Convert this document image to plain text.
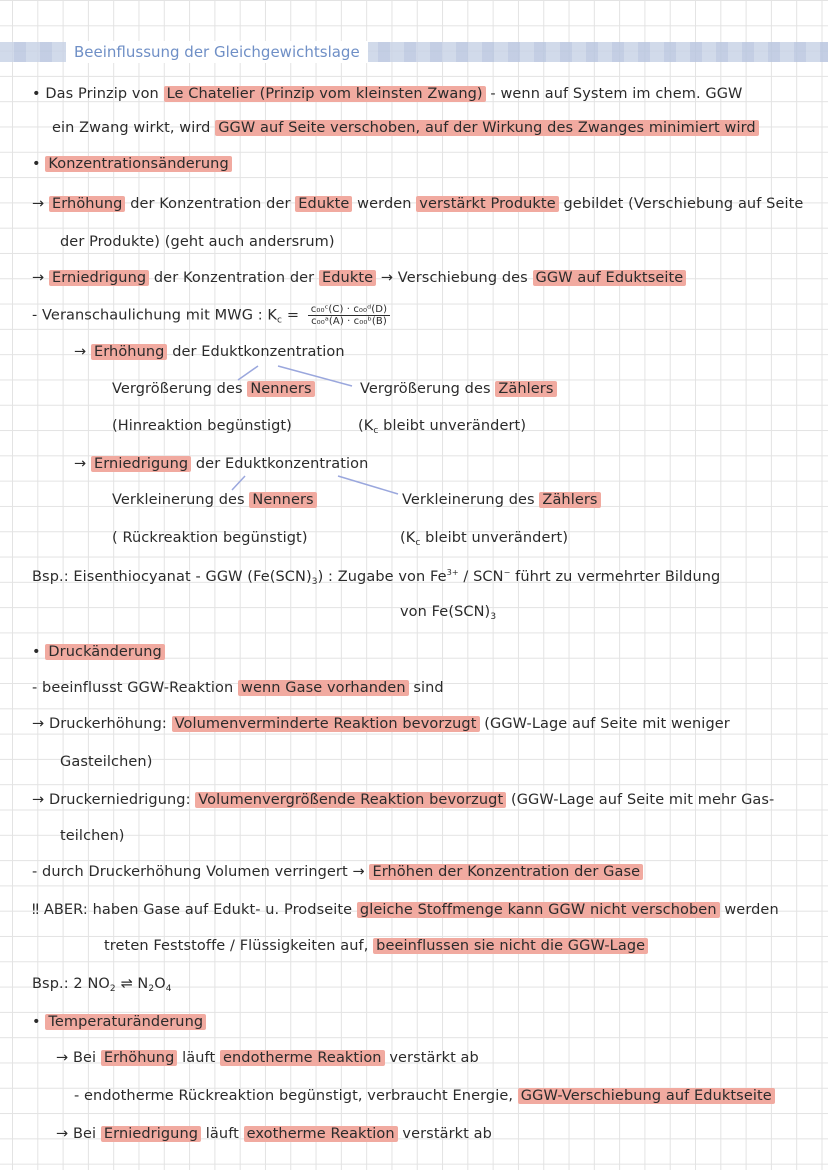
Beeinflussung der Gleichgewichtslage
• Das Prinzip von Le Chatelier (Prinzip vom kleinsten Zwang) - wenn auf System im chem. GGW
ein Zwang wirkt, wird GGW auf Seite verschoben, auf der Wirkung des Zwanges minimiert wird
• Konzentrationsänderung
→ Erhöhung der Konzentration der Edukte werden verstärkt Produkte gebildet (Verschiebung auf Seite
der Produkte) (geht auch andersrum)
→ Erniedrigung der Konzentration der Edukte → Verschiebung des GGW auf Eduktseite
- Veranschaulichung mit MWG : $K_c = \frac{\text{c₀₀ᶜ(C) · c₀₀ᵈ(D)}}{\text{c₀₀ᵃ(A) · c₀₀ᵇ(B)}}$
→ Erhöhung der Eduktkonzentration
Vergrößerung des Nenners	Vergrößerung des Zählers
(Hinreaktion begünstigt)	($K_c$ bleibt unverändert)
→ Erniedrigung der Eduktkonzentration
Verkleinerung des Nenners	Verkleinerung des Zählers
( Rückreaktion begünstigt)	($K_c$ bleibt unverändert)
Bsp.: Eisenthiocyanat - GGW $(Fe(SCN)_3)$ : Zugabe von $Fe^{3+} / SCN^-$ führt zu vermehrter Bildung
von $Fe(SCN)_3$
• Druckänderung
- beeinflusst GGW-Reaktion wenn Gase vorhanden sind
→ Druckerhöhung: Volumenverminderte Reaktion bevorzugt (GGW-Lage auf Seite mit weniger
Gasteilchen)
→ Druckerniedrigung: Volumenvergrößende Reaktion bevorzugt (GGW-Lage auf Seite mit mehr Gas-
teilchen)
- durch Druckerhöhung Volumen verringert → Erhöhen der Konzentration der Gase
‼ ABER: haben Gase auf Edukt- u. Prodseite gleiche Stoffmenge kann GGW nicht verschoben werden
treten Feststoffe / Flüssigkeiten auf, beeinflussen sie nicht die GGW-Lage
Bsp.: 2 $NO_2$ ⇌ $N_2O_4$
• Temperaturänderung
→ Bei Erhöhung läuft endotherme Reaktion verstärkt ab
- endotherme Rückreaktion begünstigt, verbraucht Energie, GGW-Verschiebung auf Eduktseite
→ Bei Erniedrigung läuft exotherme Reaktion verstärkt ab
